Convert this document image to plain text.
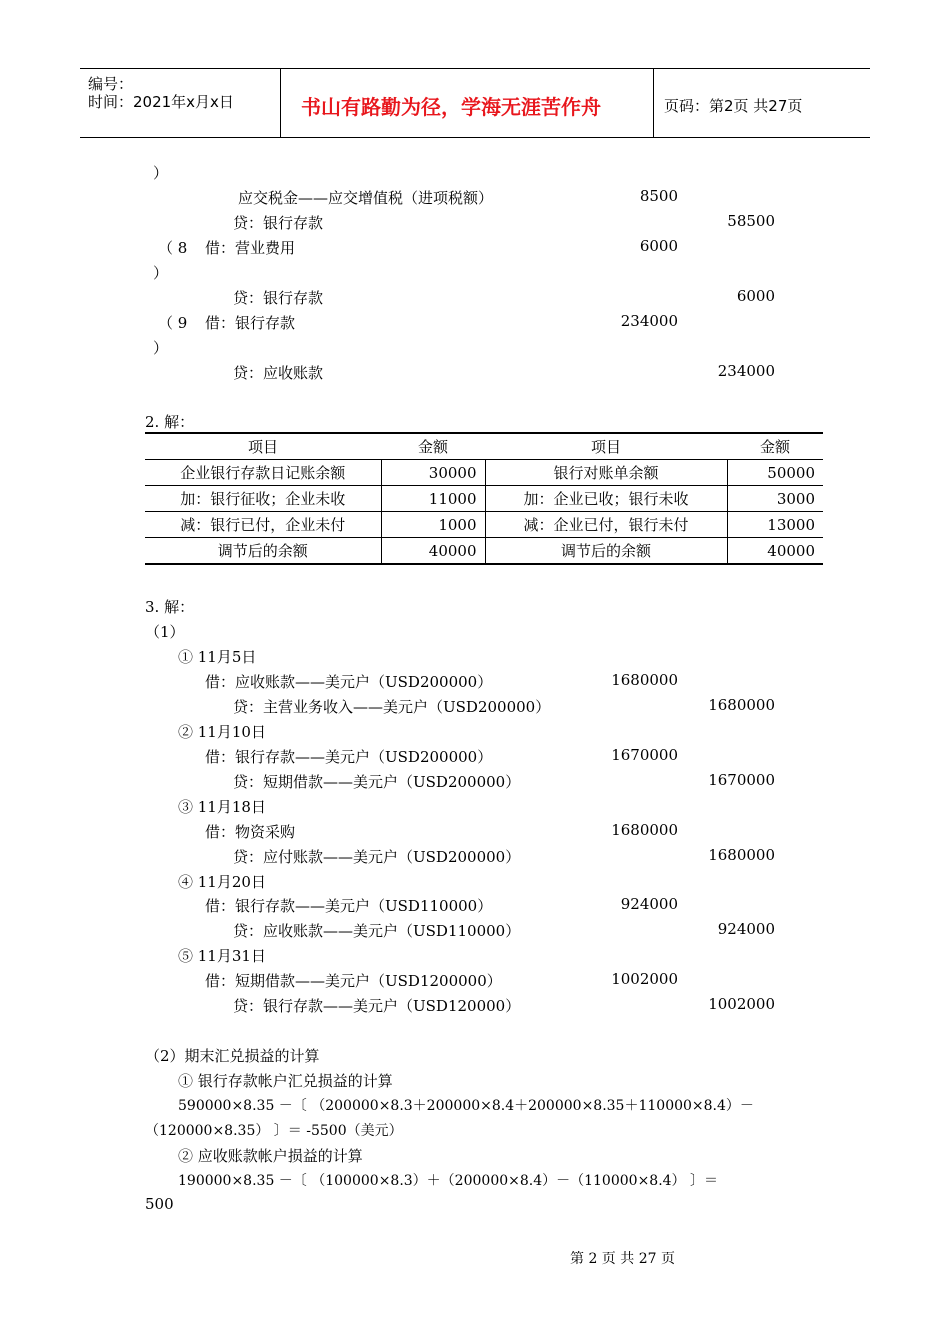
编号：
时间：2021年x月x日	书山有路勤为径，学海无涯苦作舟	页码：第2页 共27页
）
应交税金——应交增值税（进项税额）	8500
贷：银行存款	58500
（ 8 借：营业费用	6000
）
贷：银行存款	6000
（ 9 借：银行存款	234000
）
贷：应收账款	234000
2. 解：
项目	金额	项目	金额
企业银行存款日记账余额	30000	银行对账单余额	50000
加：银行征收；企业未收	11000	加：企业已收；银行未收	3000
减：银行已付，企业未付	1000	减：企业已付，银行未付	13000
调节后的余额	40000	调节后的余额	40000
3. 解：
（1）
① 11月5日
借：应收账款——美元户（USD200000）	1680000
贷：主营业务收入——美元户（USD200000）	1680000
② 11月10日
借：银行存款——美元户（USD200000）	1670000
贷：短期借款——美元户（USD200000）	1670000
③ 11月18日
借：物资采购	1680000
贷：应付账款——美元户（USD200000）	1680000
④ 11月20日
借：银行存款——美元户（USD110000）	924000
贷：应收账款——美元户（USD110000）	924000
⑤ 11月31日
借：短期借款——美元户（USD1200000）	1002000
贷：银行存款——美元户（USD120000）	1002000
（2）期末汇兑损益的计算
① 银行存款帐户汇兑损益的计算
590000×8.35 －〔 （200000×8.3＋200000×8.4＋200000×8.35＋110000×8.4）－
（120000×8.35） 〕＝ -5500（美元）
② 应收账款帐户损益的计算
190000×8.35 －〔 （100000×8.3）＋（200000×8.4）－（110000×8.4） 〕＝
500
第 2 页 共 27 页
